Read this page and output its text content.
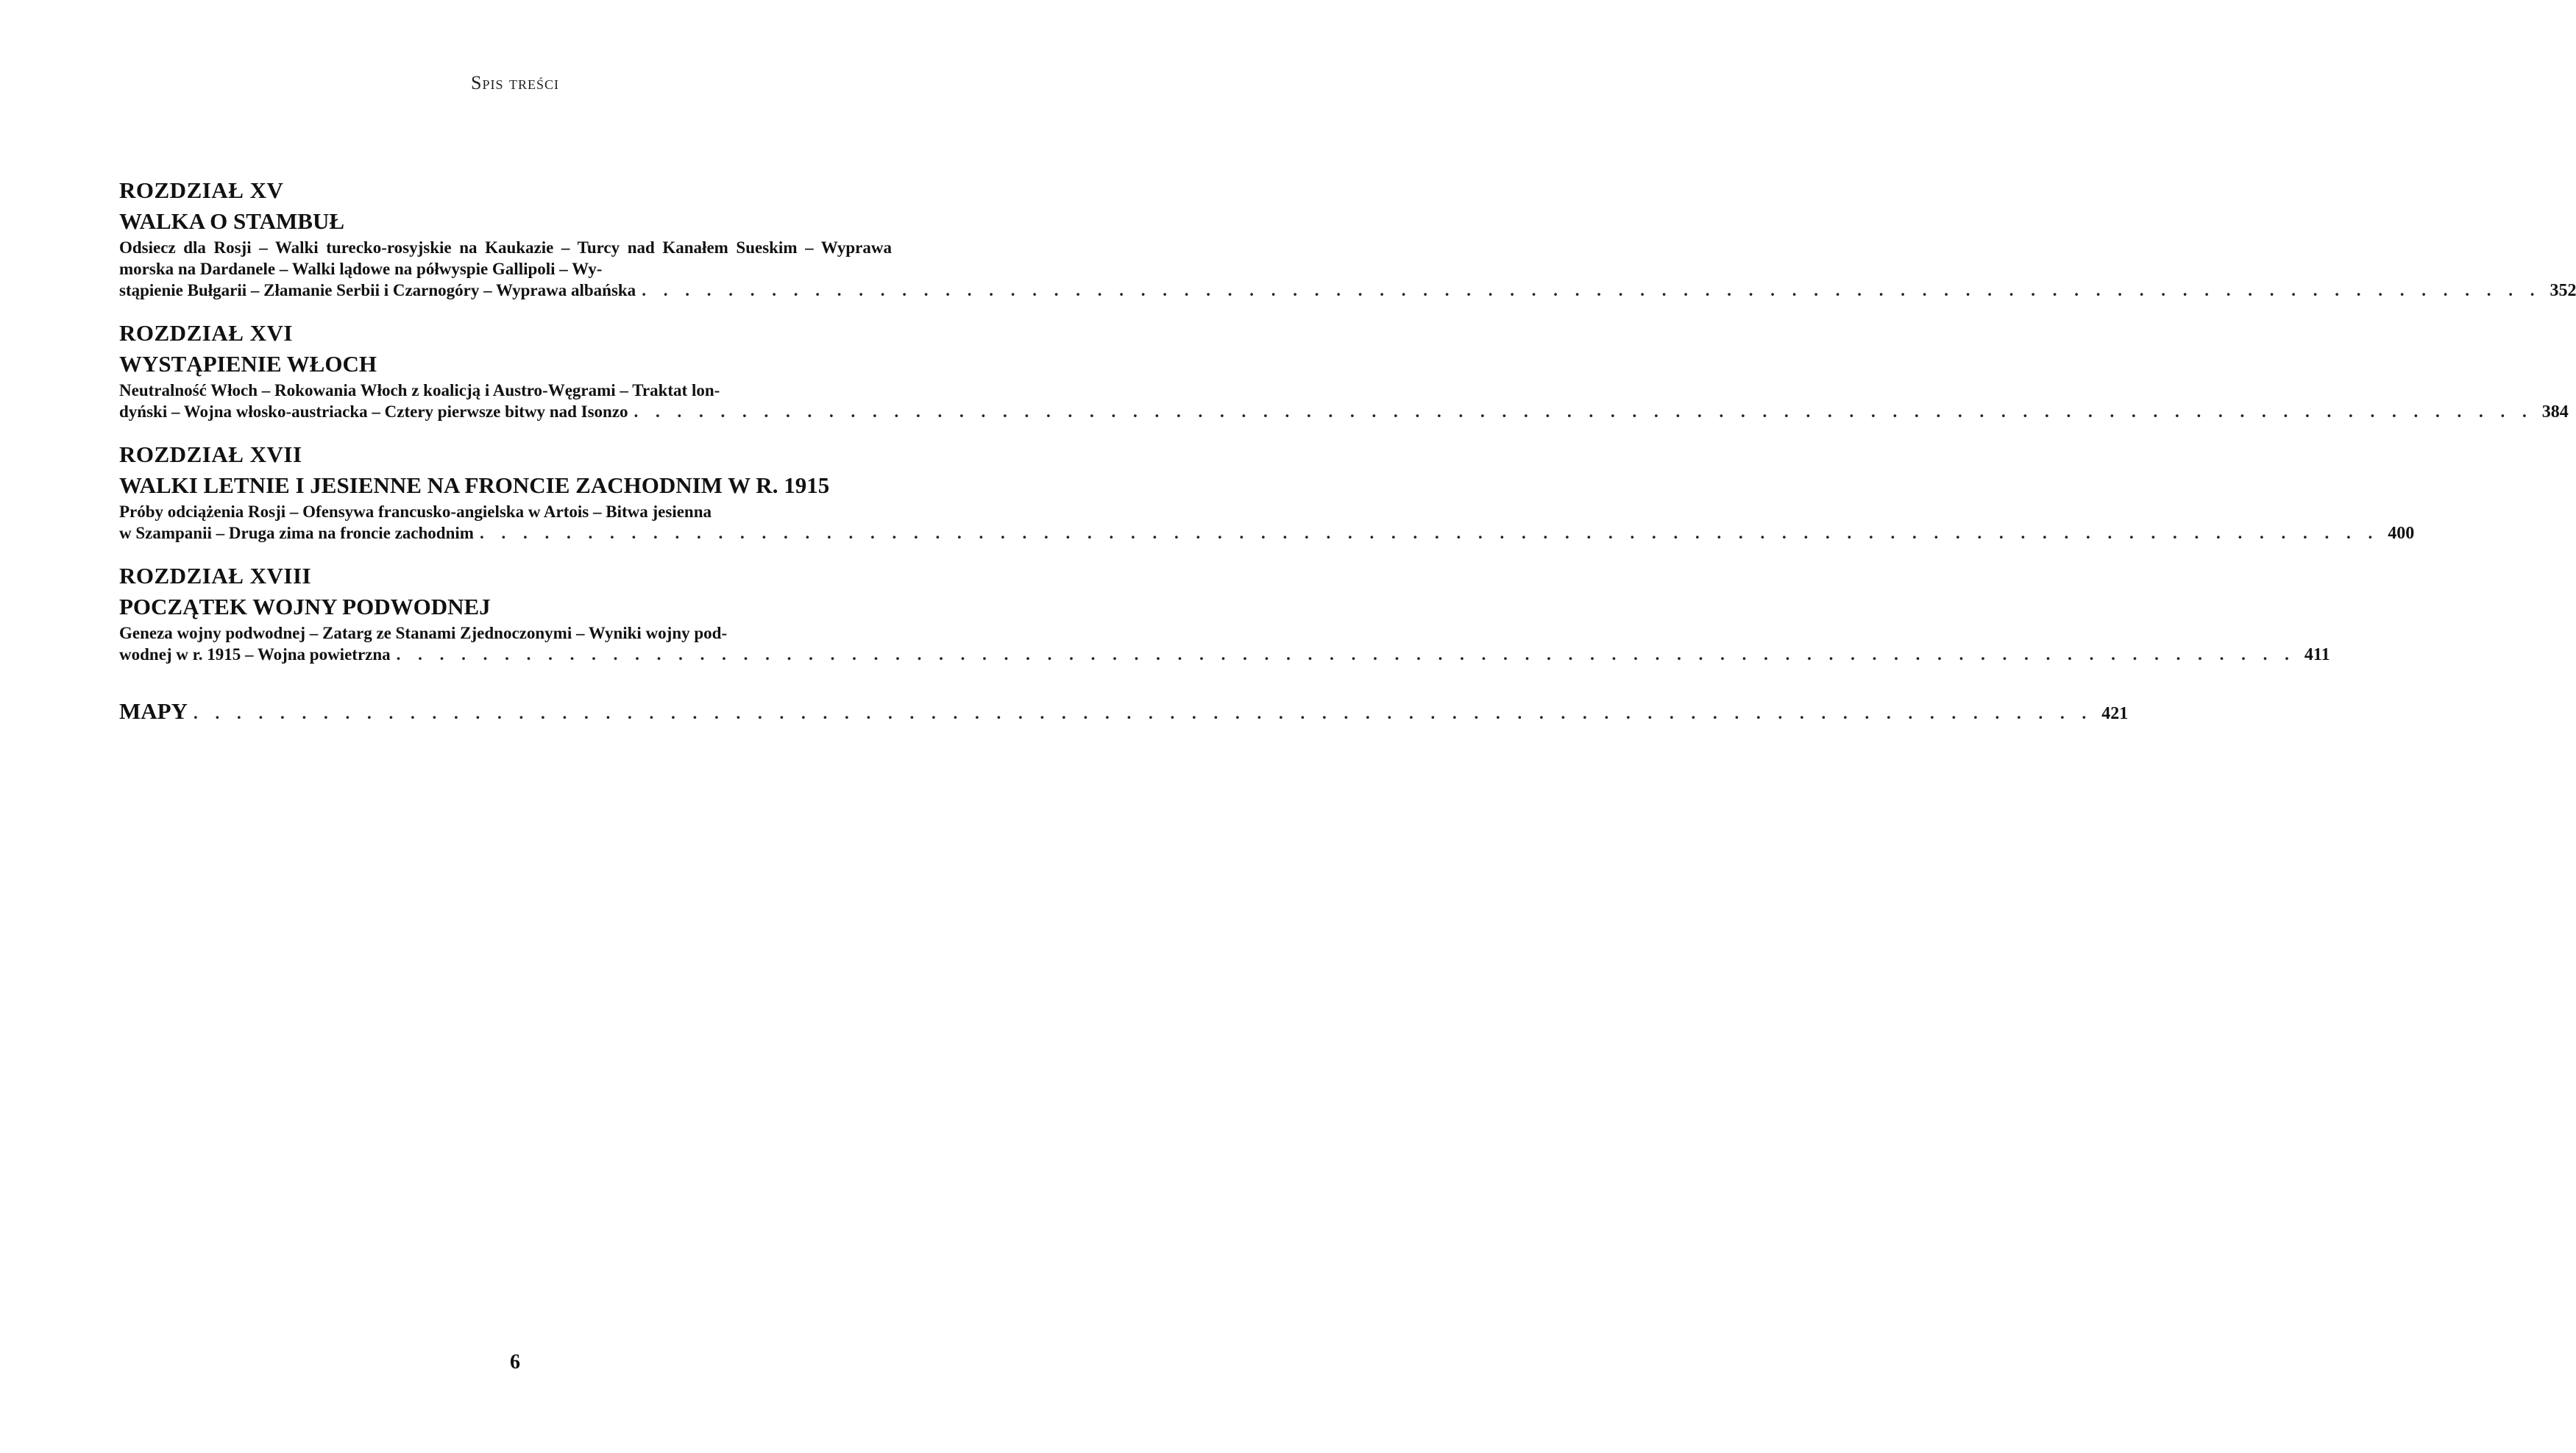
Spis treści
ROZDZIAŁ XV
WALKA O STAMBUŁ
Odsiecz dla Rosji – Walki turecko-rosyjskie na Kaukazie – Turcy nad Kanałem Sueskim – Wyprawa morska na Dardanele – Walki lądowe na półwyspie Gallipoli – Wy-
stąpienie Bułgarii – Złamanie Serbii i Czarnogóry – Wyprawa albańska . . . . . . . . . . . . . . . . . . . . . . . . . . . . . . . . . . . . . . . . . . . . . . . . . . . . . . . . . . . . . . . . . . . . . . . . . . . . . . . . . . . . . . . . 352
ROZDZIAŁ XVI
WYSTĄPIENIE WŁOCH
Neutralność Włoch – Rokowania Włoch z koalicją i Austro-Węgrami – Traktat lon-
dyński – Wojna włosko-austriacka – Cztery pierwsze bitwy nad Isonzo . . . . . . . . . . . . . . . . . . . . . . . . . . . . . . . . . . . . . . . . . . . . . . . . . . . . . . . . . . . . . . . . . . . . . . . . . . . . . . . . . . . . . . . . 384
ROZDZIAŁ XVII
WALKI LETNIE I JESIENNE NA FRONCIE ZACHODNIM W R. 1915
Próby odciążenia Rosji – Ofensywa francusko-angielska w Artois – Bitwa jesienna
w Szampanii – Druga zima na froncie zachodnim . . . . . . . . . . . . . . . . . . . . . . . . . . . . . . . . . . . . . . . . . . . . . . . . . . . . . . . . . . . . . . . . . . . . . . . . . . . . . . . . . . . . . . . . 400
ROZDZIAŁ XVIII
POCZĄTEK WOJNY PODWODNEJ
Geneza wojny podwodnej – Zatarg ze Stanami Zjednoczonymi – Wyniki wojny pod-
wodnej w r. 1915 – Wojna powietrzna . . . . . . . . . . . . . . . . . . . . . . . . . . . . . . . . . . . . . . . . . . . . . . . . . . . . . . . . . . . . . . . . . . . . . . . . . . . . . . . . . . . . . . . . 411
MAPY . . . . . . . . . . . . . . . . . . . . . . . . . . . . . . . . . . . . . . . . . . . . . . . . . . . . . . . . . . . . . . . . . . . . . . . . . . . . . . . . . . . . . . . . 421
6
